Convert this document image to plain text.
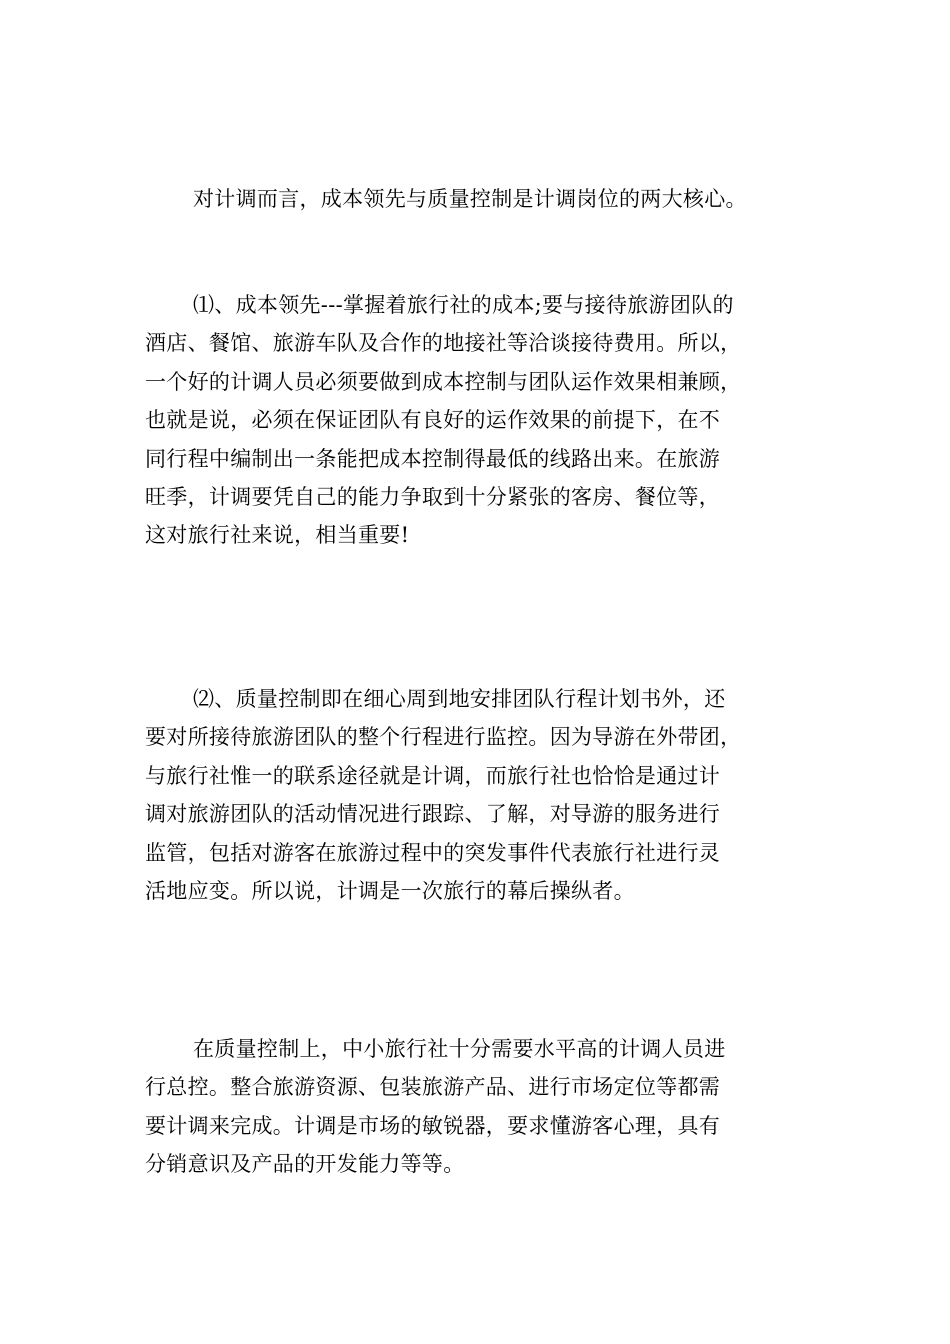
对计调而言，成本领先与质量控制是计调岗位的两大核心。

⑴、成本领先---掌握着旅行社的成本;要与接待旅游团队的
酒店、餐馆、旅游车队及合作的地接社等洽谈接待费用。所以，
一个好的计调人员必须要做到成本控制与团队运作效果相兼顾，
也就是说，必须在保证团队有良好的运作效果的前提下，在不
同行程中编制出一条能把成本控制得最低的线路出来。在旅游
旺季，计调要凭自己的能力争取到十分紧张的客房、餐位等，
这对旅行社来说，相当重要!

⑵、质量控制即在细心周到地安排团队行程计划书外，还
要对所接待旅游团队的整个行程进行监控。因为导游在外带团，
与旅行社惟一的联系途径就是计调，而旅行社也恰恰是通过计
调对旅游团队的活动情况进行跟踪、了解，对导游的服务进行
监管，包括对游客在旅游过程中的突发事件代表旅行社进行灵
活地应变。所以说，计调是一次旅行的幕后操纵者。

在质量控制上，中小旅行社十分需要水平高的计调人员进
行总控。整合旅游资源、包装旅游产品、进行市场定位等都需
要计调来完成。计调是市场的敏锐器，要求懂游客心理，具有
分销意识及产品的开发能力等等。
